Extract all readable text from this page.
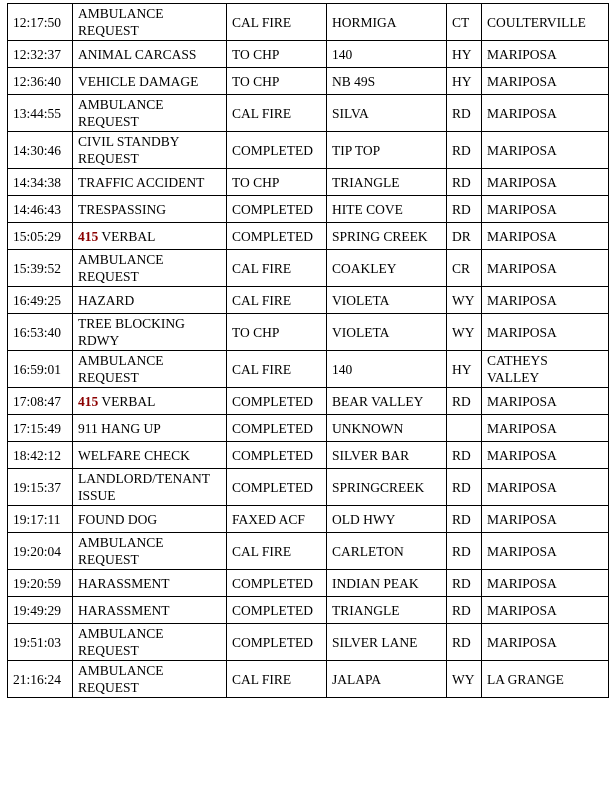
12:17:50	AMBULANCE REQUEST	CAL FIRE	HORMIGA	CT	COULTERVILLE
12:32:37	ANIMAL CARCASS	TO CHP	140	HY	MARIPOSA
12:36:40	VEHICLE DAMAGE	TO CHP	NB 49S	HY	MARIPOSA
13:44:55	AMBULANCE REQUEST	CAL FIRE	SILVA	RD	MARIPOSA
14:30:46	CIVIL STANDBY REQUEST	COMPLETED	TIP TOP	RD	MARIPOSA
14:34:38	TRAFFIC ACCIDENT	TO CHP	TRIANGLE	RD	MARIPOSA
14:46:43	TRESPASSING	COMPLETED	HITE COVE	RD	MARIPOSA
15:05:29	415 VERBAL	COMPLETED	SPRING CREEK	DR	MARIPOSA
15:39:52	AMBULANCE REQUEST	CAL FIRE	COAKLEY	CR	MARIPOSA
16:49:25	HAZARD	CAL FIRE	VIOLETA	WY	MARIPOSA
16:53:40	TREE BLOCKING RDWY	TO CHP	VIOLETA	WY	MARIPOSA
16:59:01	AMBULANCE REQUEST	CAL FIRE	140	HY	CATHEYS VALLEY
17:08:47	415 VERBAL	COMPLETED	BEAR VALLEY	RD	MARIPOSA
17:15:49	911 HANG UP	COMPLETED	UNKNOWN		MARIPOSA
18:42:12	WELFARE CHECK	COMPLETED	SILVER BAR	RD	MARIPOSA
19:15:37	LANDLORD/TENANT ISSUE	COMPLETED	SPRINGCREEK	RD	MARIPOSA
19:17:11	FOUND DOG	FAXED ACF	OLD HWY	RD	MARIPOSA
19:20:04	AMBULANCE REQUEST	CAL FIRE	CARLETON	RD	MARIPOSA
19:20:59	HARASSMENT	COMPLETED	INDIAN PEAK	RD	MARIPOSA
19:49:29	HARASSMENT	COMPLETED	TRIANGLE	RD	MARIPOSA
19:51:03	AMBULANCE REQUEST	COMPLETED	SILVER LANE	RD	MARIPOSA
21:16:24	AMBULANCE REQUEST	CAL FIRE	JALAPA	WY	LA GRANGE
